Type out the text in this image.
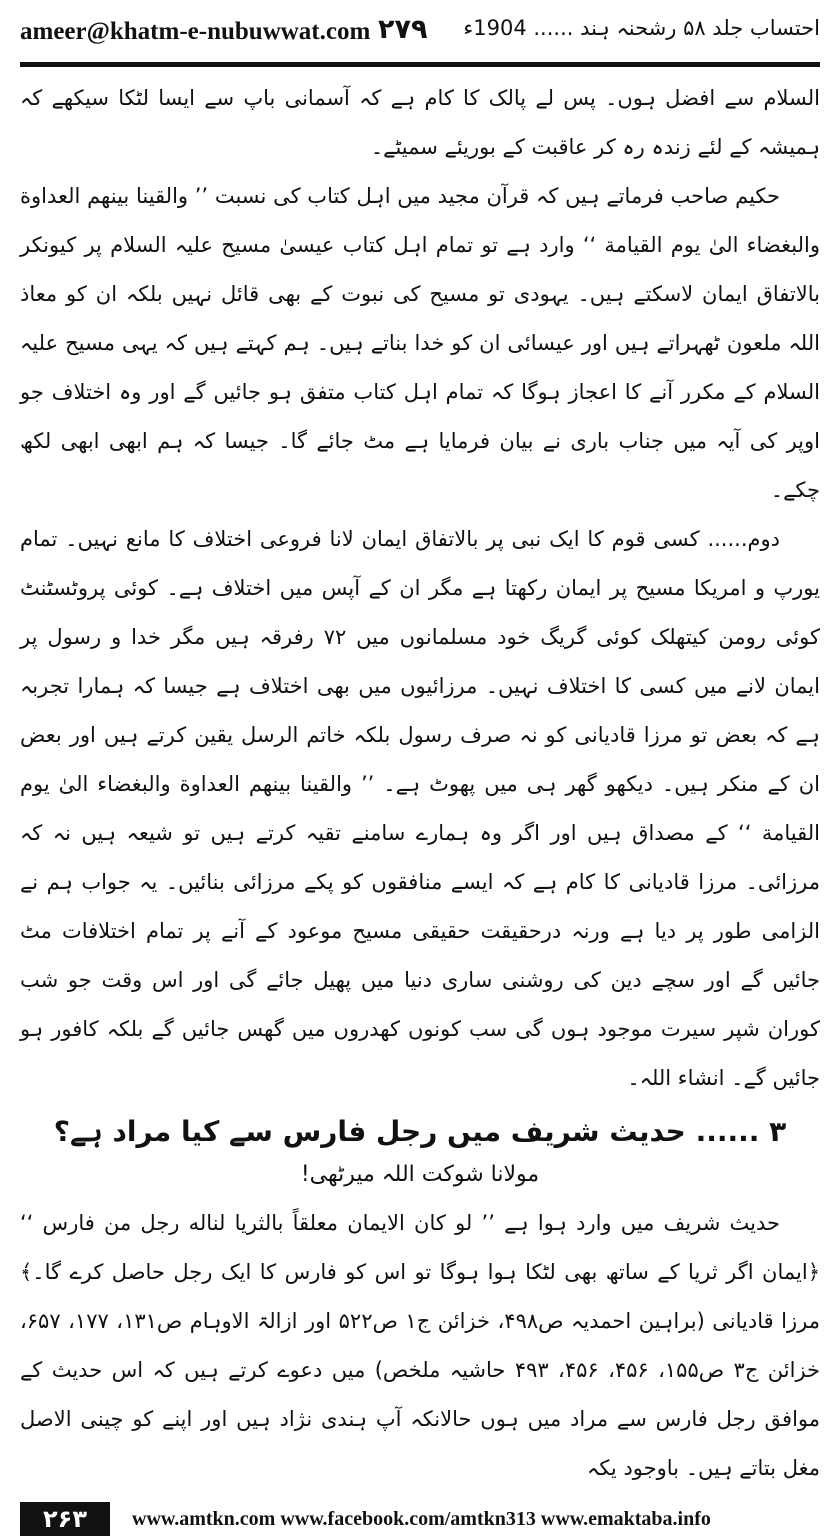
ameer@khatm-e-nubuwwat.com ۲۷۹ احتساب جلد ۵۸ رشحنہ ہند ...... 1904ء

السلام سے افضل ہوں۔ پس لے پالک کا کام ہے کہ آسمانی باپ سے ایسا لٹکا سیکھے کہ ہمیشہ کے لئے زندہ رہ کر عاقبت کے بوریئے سمیٹے۔

حکیم صاحب فرماتے ہیں کہ قرآن مجید میں اہل کتاب کی نسبت ’’ والقینا بینهم العداوة والبغضاء الیٰ یوم القیامة ‘‘ وارد ہے تو تمام اہل کتاب عیسیٰ مسیح علیہ السلام پر کیونکر بالاتفاق ایمان لاسکتے ہیں۔ یہودی تو مسیح کی نبوت کے بھی قائل نہیں بلکہ ان کو معاذ اللہ ملعون ٹھہراتے ہیں اور عیسائی ان کو خدا بناتے ہیں۔ ہم کہتے ہیں کہ یہی مسیح علیہ السلام کے مکرر آنے کا اعجاز ہوگا کہ تمام اہل کتاب متفق ہو جائیں گے اور وہ اختلاف جو اوپر کی آیہ میں جناب باری نے بیان فرمایا ہے مٹ جائے گا۔ جیسا کہ ہم ابھی ابھی لکھ چکے۔

دوم...... کسی قوم کا ایک نبی پر بالاتفاق ایمان لانا فروعی اختلاف کا مانع نہیں۔ تمام یورپ و امریکا مسیح پر ایمان رکھتا ہے مگر ان کے آپس میں اختلاف ہے۔ کوئی پروٹسٹنٹ کوئی رومن کیتھلک کوئی گریگ خود مسلمانوں میں ۷۲ رفرقہ ہیں مگر خدا و رسول پر ایمان لانے میں کسی کا اختلاف نہیں۔ مرزائیوں میں بھی اختلاف ہے جیسا کہ ہمارا تجربہ ہے کہ بعض تو مرزا قادیانی کو نہ صرف رسول بلکہ خاتم الرسل یقین کرتے ہیں اور بعض ان کے منکر ہیں۔ دیکھو گھر ہی میں پھوٹ ہے۔ ’’ والقینا بینهم العداوة والبغضاء الیٰ یوم القیامة ‘‘ کے مصداق ہیں اور اگر وہ ہمارے سامنے تقیہ کرتے ہیں تو شیعہ ہیں نہ کہ مرزائی۔ مرزا قادیانی کا کام ہے کہ ایسے منافقوں کو پکے مرزائی بنائیں۔ یہ جواب ہم نے الزامی طور پر دیا ہے ورنہ درحقیقت حقیقی مسیح موعود کے آنے پر تمام اختلافات مٹ جائیں گے اور سچے دین کی روشنی ساری دنیا میں پھیل جائے گی اور اس وقت جو شب کوران شپر سیرت موجود ہوں گی سب کونوں کھدروں میں گھس جائیں گے بلکہ کافور ہو جائیں گے۔ انشاء اللہ۔

۳ ...... حدیث شریف میں رجل فارس سے کیا مراد ہے؟
مولانا شوکت اللہ میرٹھی!

حدیث شریف میں وارد ہوا ہے ’’ لو کان الایمان معلقاً بالثریا لناله رجل من فارس ‘‘ ﴿ایمان اگر ثریا کے ساتھ بھی لٹکا ہوا ہوگا تو اس کو فارس کا ایک رجل حاصل کرے گا۔﴾ مرزا قادیانی (براہین احمدیہ ص۴۹۸، خزائن ج۱ ص۵۲۲ اور ازالۃ الاوہام ص۱۳۱، ۱۷۷، ۶۵۷، خزائن ج۳ ص۱۵۵، ۴۵۶، ۴۵۶، ۴۹۳ حاشیہ ملخص) میں دعوے کرتے ہیں کہ اس حدیث کے موافق رجل فارس سے مراد میں ہوں حالانکہ آپ ہندی نژاد ہیں اور اپنے کو چینی الاصل مغل بتاتے ہیں۔ باوجود یکہ

۲۶۳	www.amtkn.com www.facebook.com/amtkn313 www.emaktaba.info
